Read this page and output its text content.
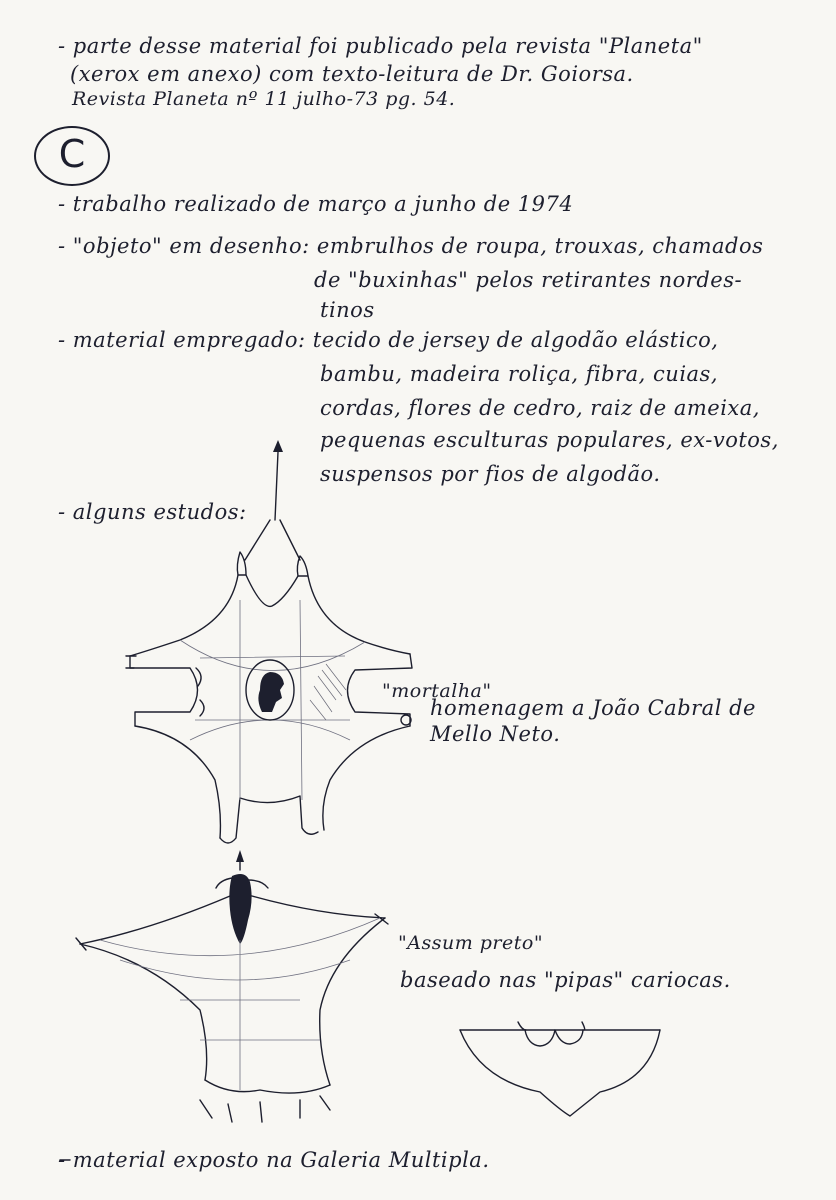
- parte desse material foi publicado pela revista "Planeta"
(xerox em anexo) com texto-leitura de Dr. Goiorsa.
Revista Planeta nº 11 julho-73 pg. 54.
C
- trabalho realizado de março a junho de 1974
- "objeto" em desenho: embrulhos de roupa, trouxas, chamados
de "buxinhas" pelos retirantes nordes-
tinos
- material empregado: tecido de jersey de algodão elástico,
bambu, madeira roliça, fibra, cuias,
cordas, flores de cedro, raiz de ameixa,
pequenas esculturas populares, ex-votos,
suspensos por fios de algodão.
- alguns estudos:
"mortalha"
homenagem a João Cabral de
Mello Neto.
"Assum preto"
baseado nas "pipas" cariocas.
- material exposto na Galeria Multipla.
